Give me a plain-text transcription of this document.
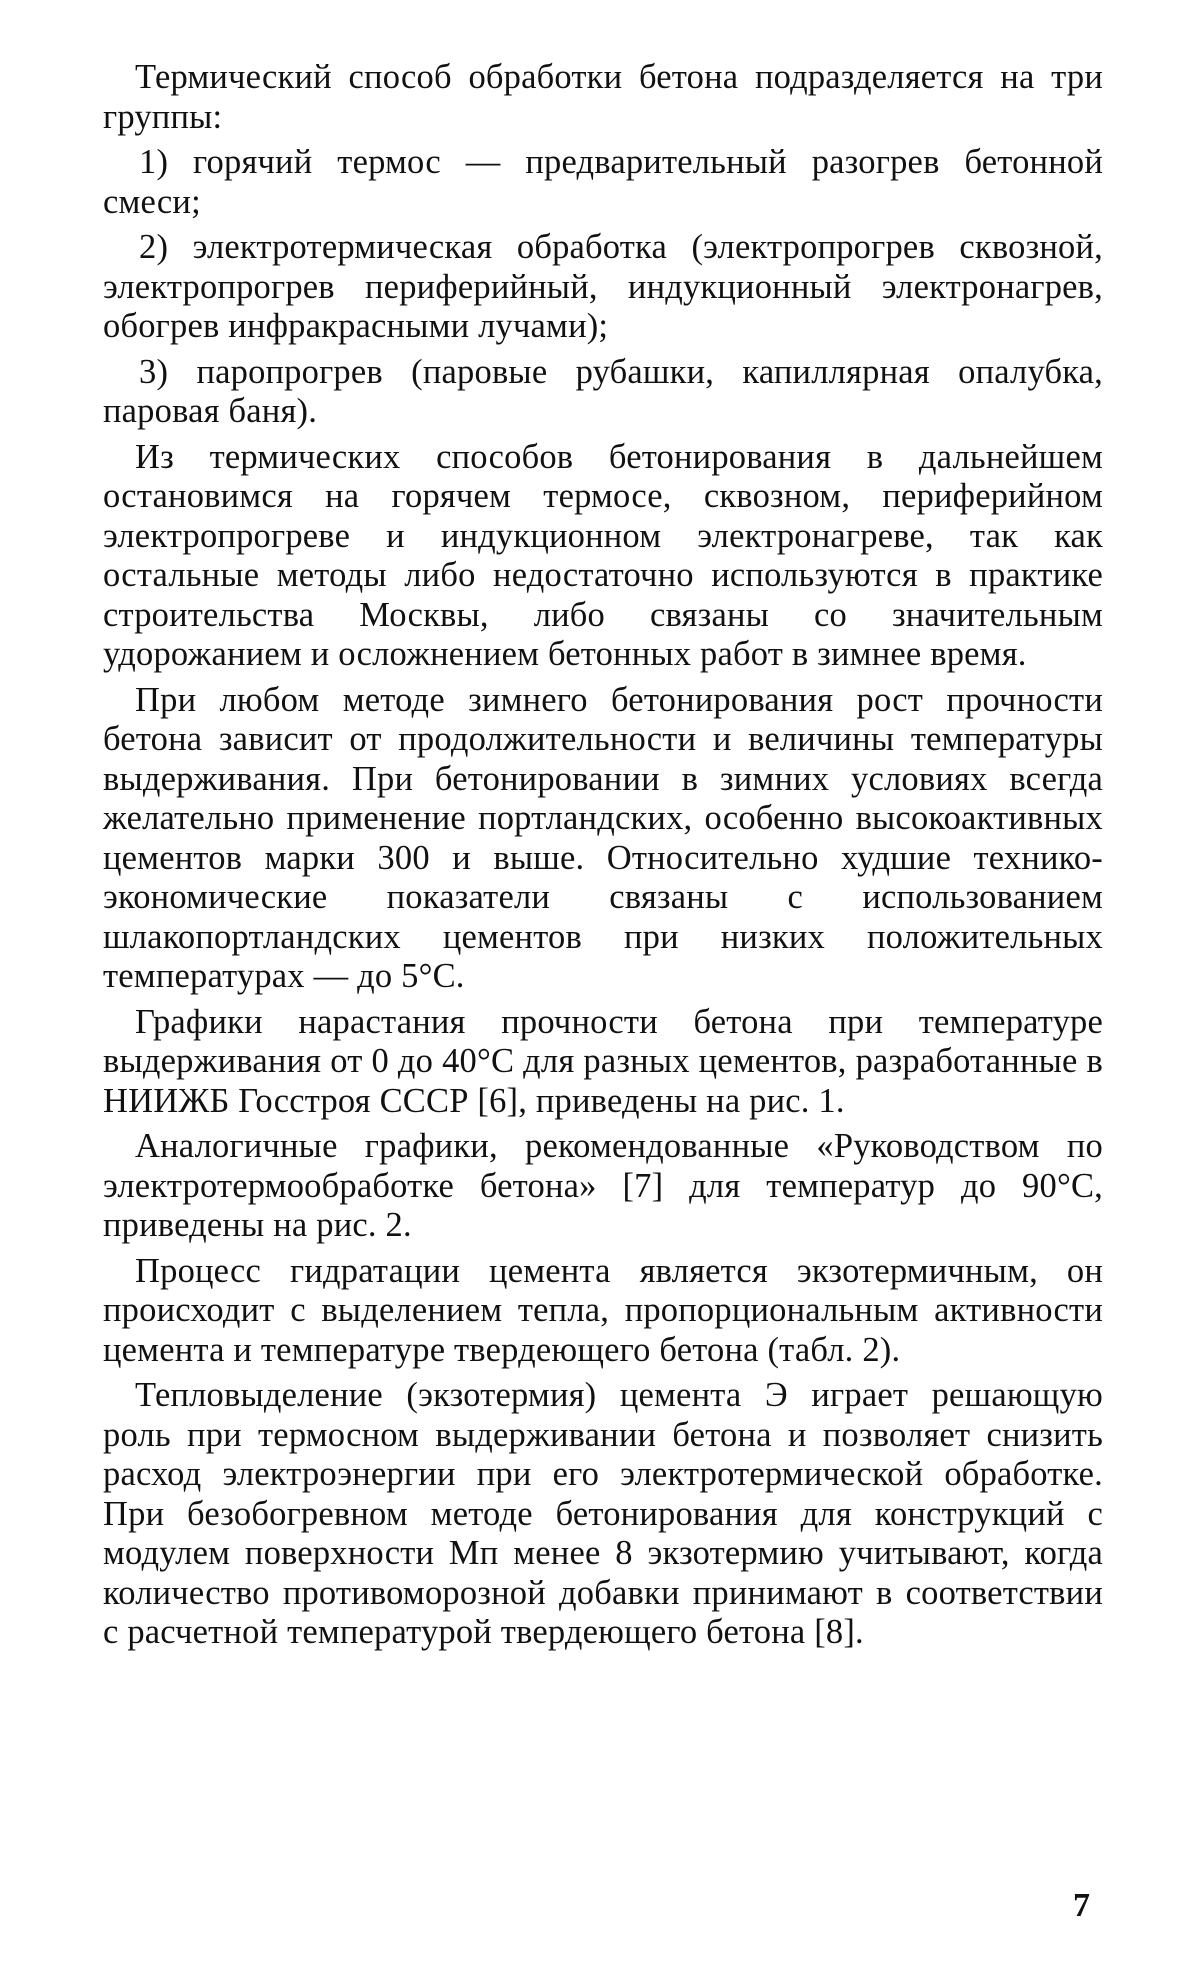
Термический способ обработки бетона подразделяется на три группы:

1) горячий термос — предварительный разогрев бетонной смеси;

2) электротермическая обработка (электропрогрев сквозной, электропрогрев периферийный, индукционный электронагрев, обогрев инфракрасными лучами);

3) паропрогрев (паровые рубашки, капиллярная опалубка, паровая баня).

Из термических способов бетонирования в дальнейшем остановимся на горячем термосе, сквозном, периферийном электропрогреве и индукционном электронагреве, так как остальные методы либо недостаточно используются в практике строительства Москвы, либо связаны со значительным удорожанием и осложнением бетонных работ в зимнее время.

При любом методе зимнего бетонирования рост прочности бетона зависит от продолжительности и величины температуры выдерживания. При бетонировании в зимних условиях всегда желательно применение портландских, особенно высокоактивных цементов марки 300 и выше. Относительно худшие технико-экономические показатели связаны с использованием шлакопортландских цементов при низких положительных температурах — до 5°С.

Графики нарастания прочности бетона при температуре выдерживания от 0 до 40°С для разных цементов, разработанные в НИИЖБ Госстроя СССР [6], приведены на рис. 1.

Аналогичные графики, рекомендованные «Руководством по электротермообработке бетона» [7] для температур до 90°С, приведены на рис. 2.

Процесс гидратации цемента является экзотермичным, он происходит с выделением тепла, пропорциональным активности цемента и температуре твердеющего бетона (табл. 2).

Тепловыделение (экзотермия) цемента Э играет решающую роль при термосном выдерживании бетона и позволяет снизить расход электроэнергии при его электротермической обработке. При безобогревном методе бетонирования для конструкций с модулем поверхности Мп менее 8 экзотермию учитывают, когда количество противоморозной добавки принимают в соответствии с расчетной температурой твердеющего бетона [8].

7
